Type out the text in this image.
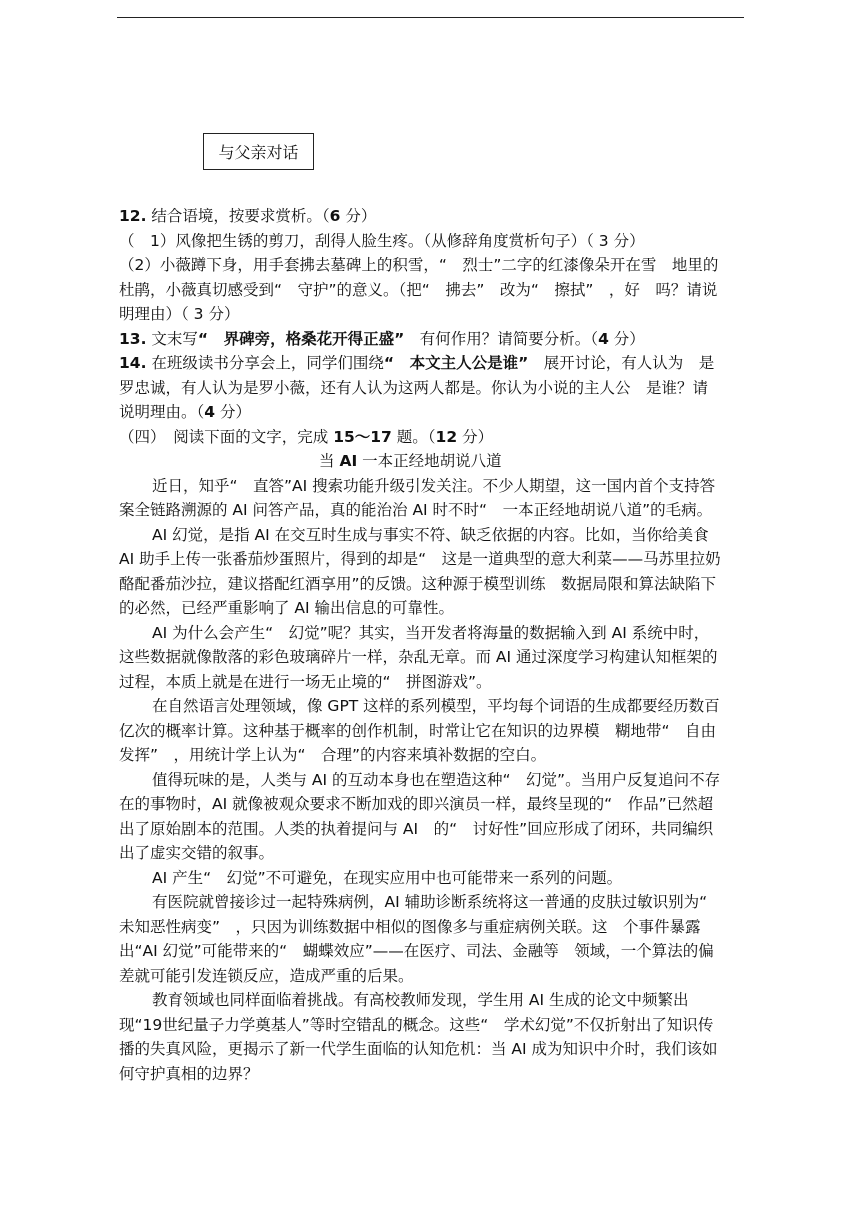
与父亲对话

12. 结合语境，按要求赏析。（6 分）

（　1）风像把生锈的剪刀，刮得人脸生疼。（从修辞角度赏析句子）（ 3 分）

（2）小薇蹲下身，用手套拂去墓碑上的积雪，“　烈士”二字的红漆像朵开在雪　地里的杜鹃，小薇真切感受到“　守护”的意义。（把“　拂去”　改为“　擦拭”　，好　吗？请说明理由）（ 3 分）

13. 文末写“　界碑旁，格桑花开得正盛”　有何作用？请简要分析。（4 分）

14. 在班级读书分享会上，同学们围绕“　本文主人公是谁”　展开讨论，有人认为　是罗忠诚，有人认为是罗小薇，还有人认为这两人都是。你认为小说的主人公　是谁？请说明理由。（4 分）

（四）　阅读下面的文字，完成 15～17 题。（12 分）

当 AI 一本正经地胡说八道

近日，知乎“　直答”AI 搜索功能升级引发关注。不少人期望，这一国内首个支持答案全链路溯源的 AI 问答产品，真的能治治 AI 时不时“　一本正经地胡说八道”的毛病。

AI 幻觉，是指 AI 在交互时生成与事实不符、缺乏依据的内容。比如，当你给美食 AI 助手上传一张番茄炒蛋照片，得到的却是“　这是一道典型的意大利菜——马苏里拉奶酪配番茄沙拉，建议搭配红酒享用”的反馈。这种源于模型训练　数据局限和算法缺陷下的必然，已经严重影响了 AI 输出信息的可靠性。

AI 为什么会产生“　幻觉”呢？其实，当开发者将海量的数据输入到 AI 系统中时，这些数据就像散落的彩色玻璃碎片一样，杂乱无章。而 AI 通过深度学习构建认知框架的过程，本质上就是在进行一场无止境的“　拼图游戏”。

在自然语言处理领域，像 GPT 这样的系列模型，平均每个词语的生成都要经历数百亿次的概率计算。这种基于概率的创作机制，时常让它在知识的边界模　糊地带“　自由发挥”　，用统计学上认为“　合理”的内容来填补数据的空白。

值得玩味的是，人类与 AI 的互动本身也在塑造这种“　幻觉”。当用户反复追问不存在的事物时，AI 就像被观众要求不断加戏的即兴演员一样，最终呈现的“　作品”已然超出了原始剧本的范围。人类的执着提问与 AI　的“　讨好性”回应形成了闭环，共同编织出了虚实交错的叙事。

AI 产生“　幻觉”不可避免，在现实应用中也可能带来一系列的问题。

有医院就曾接诊过一起特殊病例，AI 辅助诊断系统将这一普通的皮肤过敏识别为“　未知恶性病变”　，只因为训练数据中相似的图像多与重症病例关联。这　个事件暴露出“AI 幻觉”可能带来的“　蝴蝶效应”——在医疗、司法、金融等　领域，一个算法的偏差就可能引发连锁反应，造成严重的后果。

教育领域也同样面临着挑战。有高校教师发现，学生用 AI 生成的论文中频繁出现“19世纪量子力学奠基人”等时空错乱的概念。这些“　学术幻觉”不仅折射出了知识传播的失真风险，更揭示了新一代学生面临的认知危机：当 AI 成为知识中介时，我们该如何守护真相的边界？
